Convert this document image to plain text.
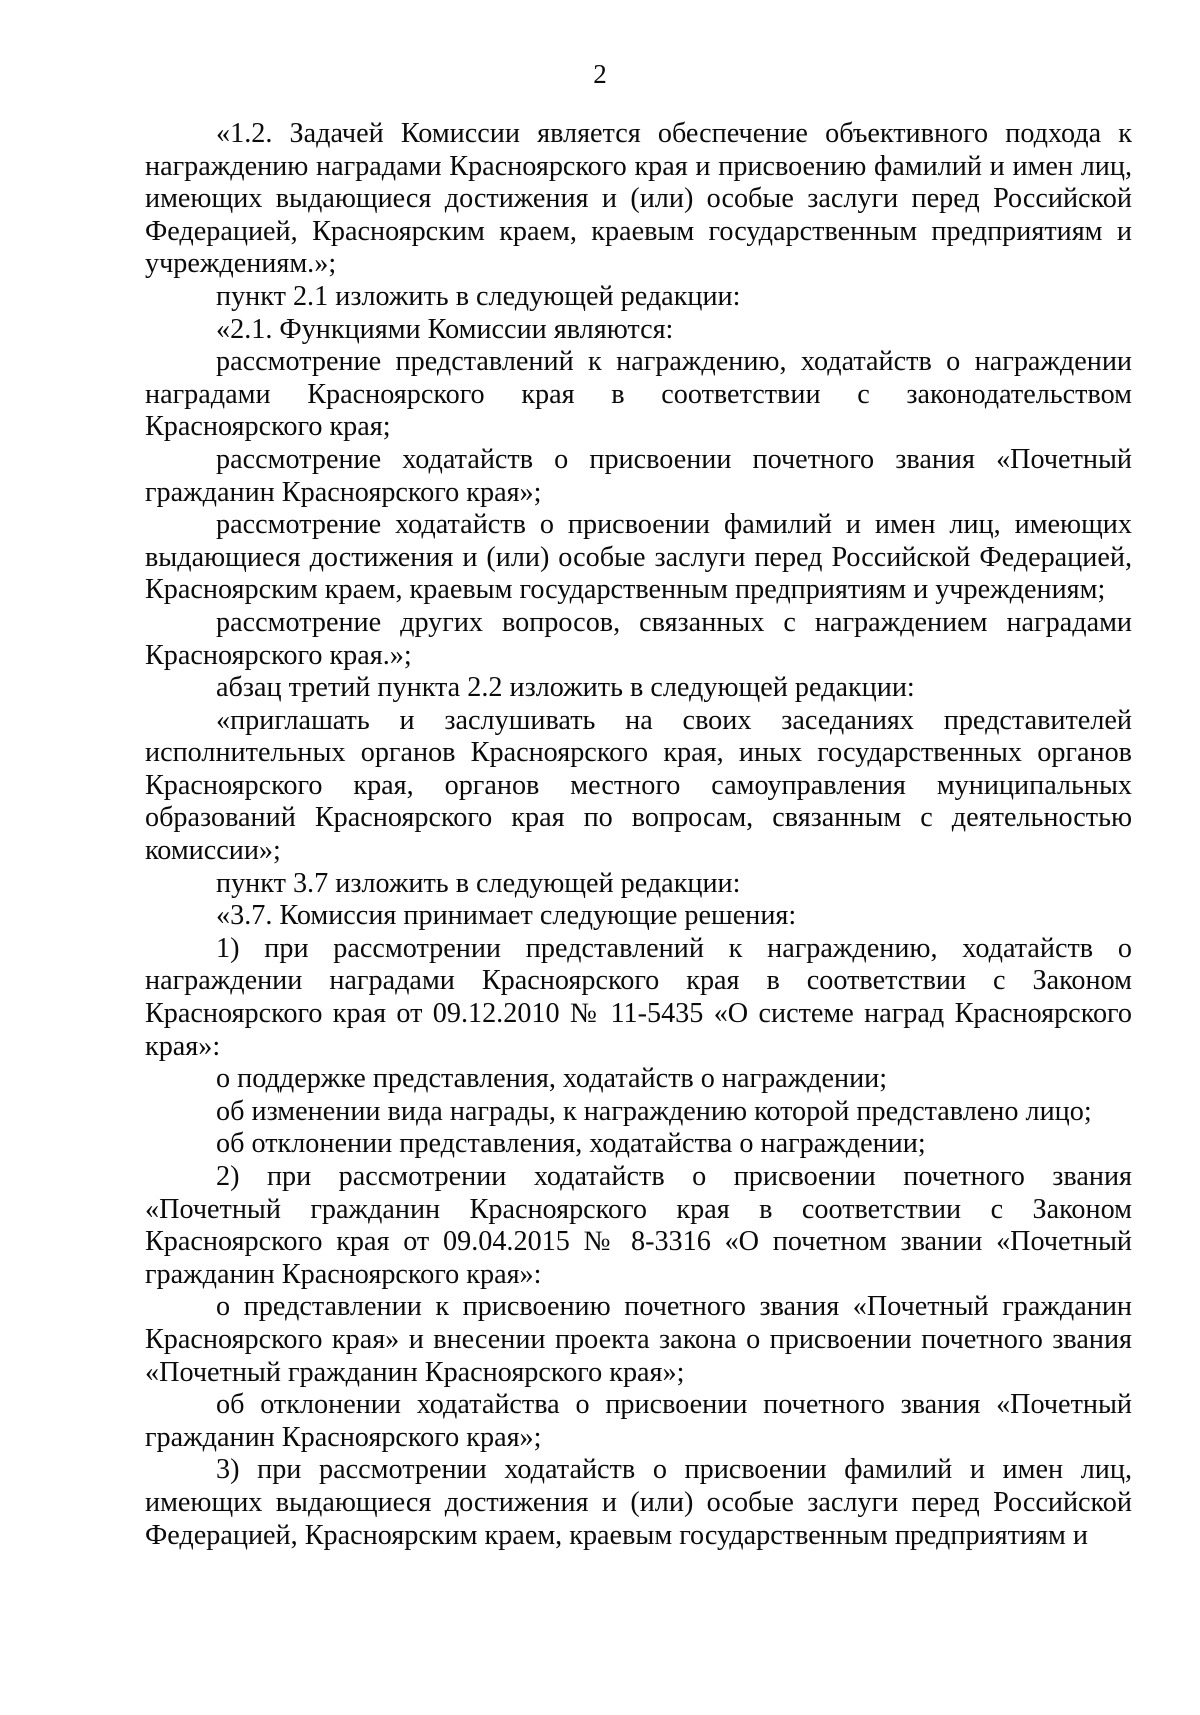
2

«1.2. Задачей Комиссии является обеспечение объективного подхода к награждению наградами Красноярского края и присвоению фамилий и имен лиц, имеющих выдающиеся достижения и (или) особые заслуги перед Российской Федерацией, Красноярским краем, краевым государственным предприятиям и учреждениям.»;

пункт 2.1 изложить в следующей редакции:

«2.1. Функциями Комиссии являются:

рассмотрение представлений к награждению, ходатайств о награждении наградами Красноярского края в соответствии с законодательством Красноярского края;

рассмотрение ходатайств о присвоении почетного звания «Почетный гражданин Красноярского края»;

рассмотрение ходатайств о присвоении фамилий и имен лиц, имеющих выдающиеся достижения и (или) особые заслуги перед Российской Федерацией, Красноярским краем, краевым государственным предприятиям и учреждениям;

рассмотрение других вопросов, связанных с награждением наградами Красноярского края.»;

абзац третий пункта 2.2 изложить в следующей редакции:

«приглашать и заслушивать на своих заседаниях представителей исполнительных органов Красноярского края, иных государственных органов Красноярского края, органов местного самоуправления муниципальных образований Красноярского края по вопросам, связанным с деятельностью комиссии»;

пункт 3.7 изложить в следующей редакции:

«3.7. Комиссия принимает следующие решения:

1) при рассмотрении представлений к награждению, ходатайств о награждении наградами Красноярского края в соответствии с Законом Красноярского края от 09.12.2010 № 11-5435 «О системе наград Красноярского края»:

о поддержке представления, ходатайств о награждении;

об изменении вида награды, к награждению которой представлено лицо;

об отклонении представления, ходатайства о награждении;

2) при рассмотрении ходатайств о присвоении почетного звания «Почетный гражданин Красноярского края в соответствии с Законом Красноярского края от 09.04.2015 № 8-3316 «О почетном звании «Почетный гражданин Красноярского края»:

о представлении к присвоению почетного звания «Почетный гражданин Красноярского края» и внесении проекта закона о присвоении почетного звания «Почетный гражданин Красноярского края»;

об отклонении ходатайства о присвоении почетного звания «Почетный гражданин Красноярского края»;

3) при рассмотрении ходатайств о присвоении фамилий и имен лиц, имеющих выдающиеся достижения и (или) особые заслуги перед Российской Федерацией, Красноярским краем, краевым государственным предприятиям и
